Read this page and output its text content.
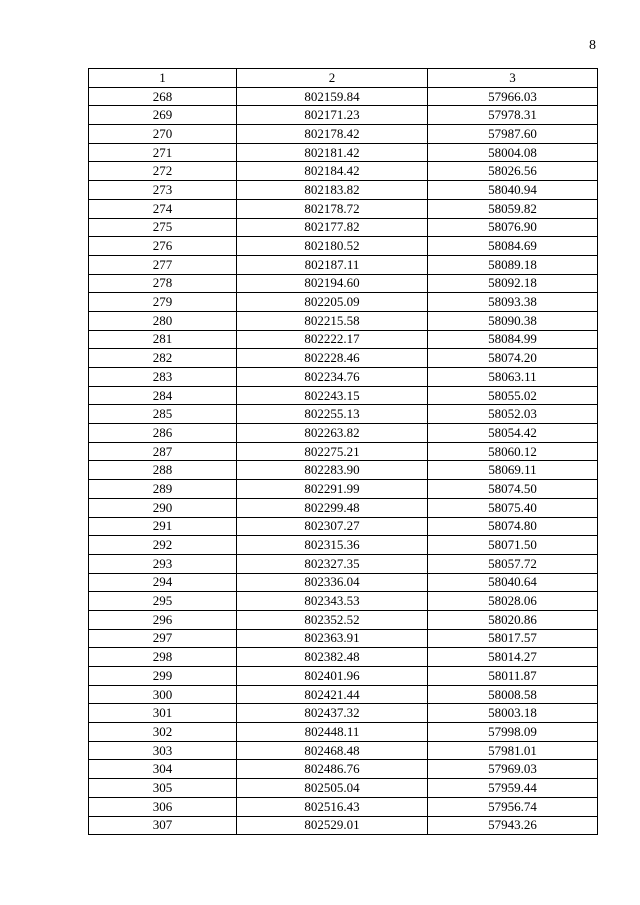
8
1	2	3
268	802159.84	57966.03
269	802171.23	57978.31
270	802178.42	57987.60
271	802181.42	58004.08
272	802184.42	58026.56
273	802183.82	58040.94
274	802178.72	58059.82
275	802177.82	58076.90
276	802180.52	58084.69
277	802187.11	58089.18
278	802194.60	58092.18
279	802205.09	58093.38
280	802215.58	58090.38
281	802222.17	58084.99
282	802228.46	58074.20
283	802234.76	58063.11
284	802243.15	58055.02
285	802255.13	58052.03
286	802263.82	58054.42
287	802275.21	58060.12
288	802283.90	58069.11
289	802291.99	58074.50
290	802299.48	58075.40
291	802307.27	58074.80
292	802315.36	58071.50
293	802327.35	58057.72
294	802336.04	58040.64
295	802343.53	58028.06
296	802352.52	58020.86
297	802363.91	58017.57
298	802382.48	58014.27
299	802401.96	58011.87
300	802421.44	58008.58
301	802437.32	58003.18
302	802448.11	57998.09
303	802468.48	57981.01
304	802486.76	57969.03
305	802505.04	57959.44
306	802516.43	57956.74
307	802529.01	57943.26
